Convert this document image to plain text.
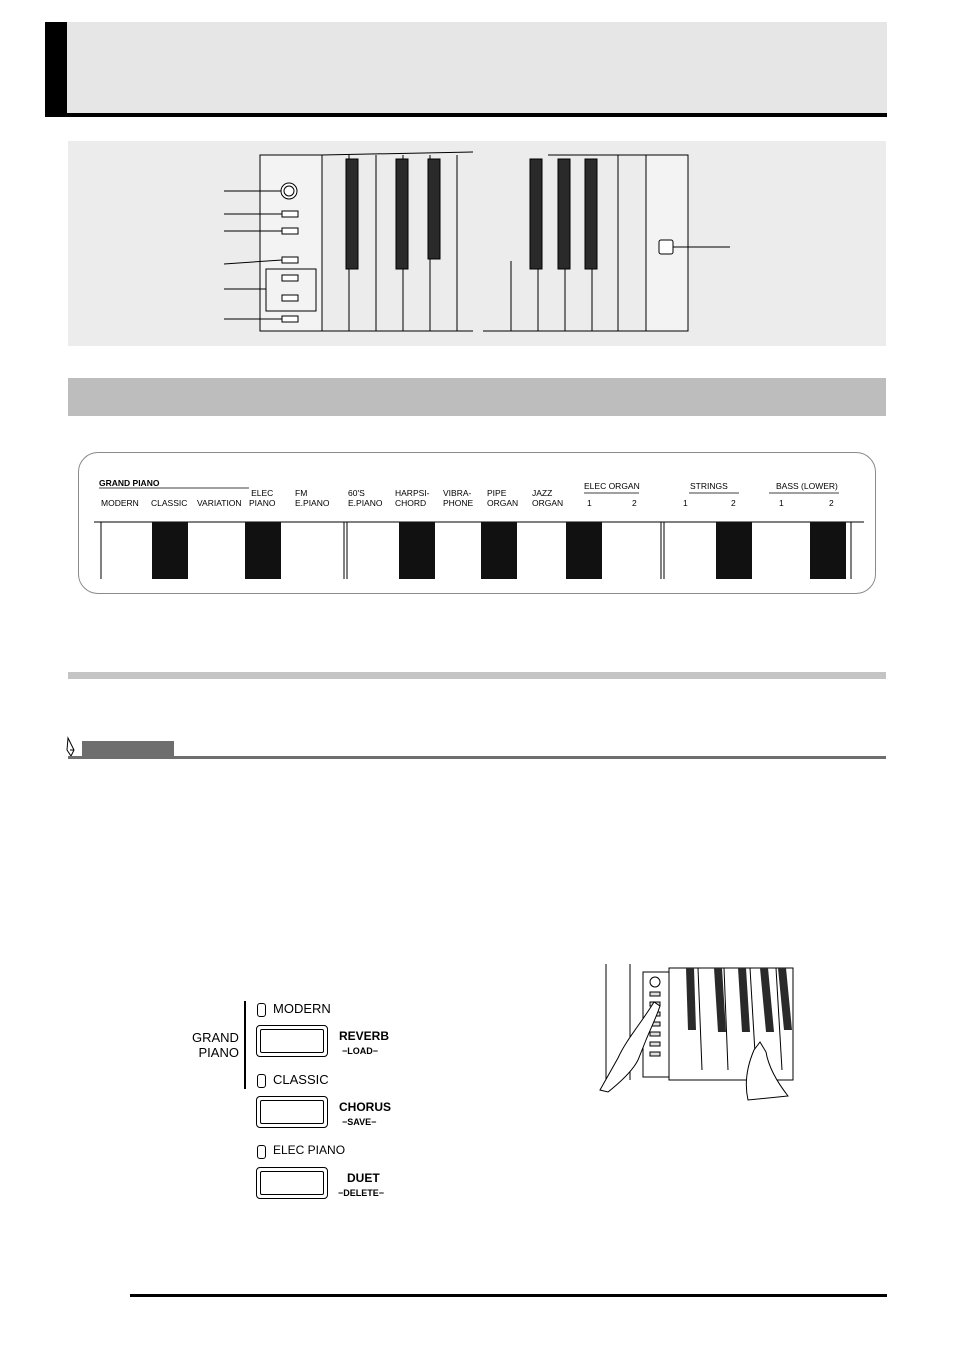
GRAND PIANO
MODERN CLASSIC VARIATION
ELEC
PIANO
FM
E.PIANO
60'S
E.PIANO
HARPSI-
CHORD
VIBRA-
PHONE
PIPE
ORGAN
JAZZ
ORGAN
ELEC ORGAN
1	2
STRINGS
1	2
BASS (LOWER)
1	2
GRAND
PIANO
MODERN
REVERB
−LOAD−
CLASSIC
CHORUS
−SAVE−
ELEC PIANO
DUET
−DELETE−
